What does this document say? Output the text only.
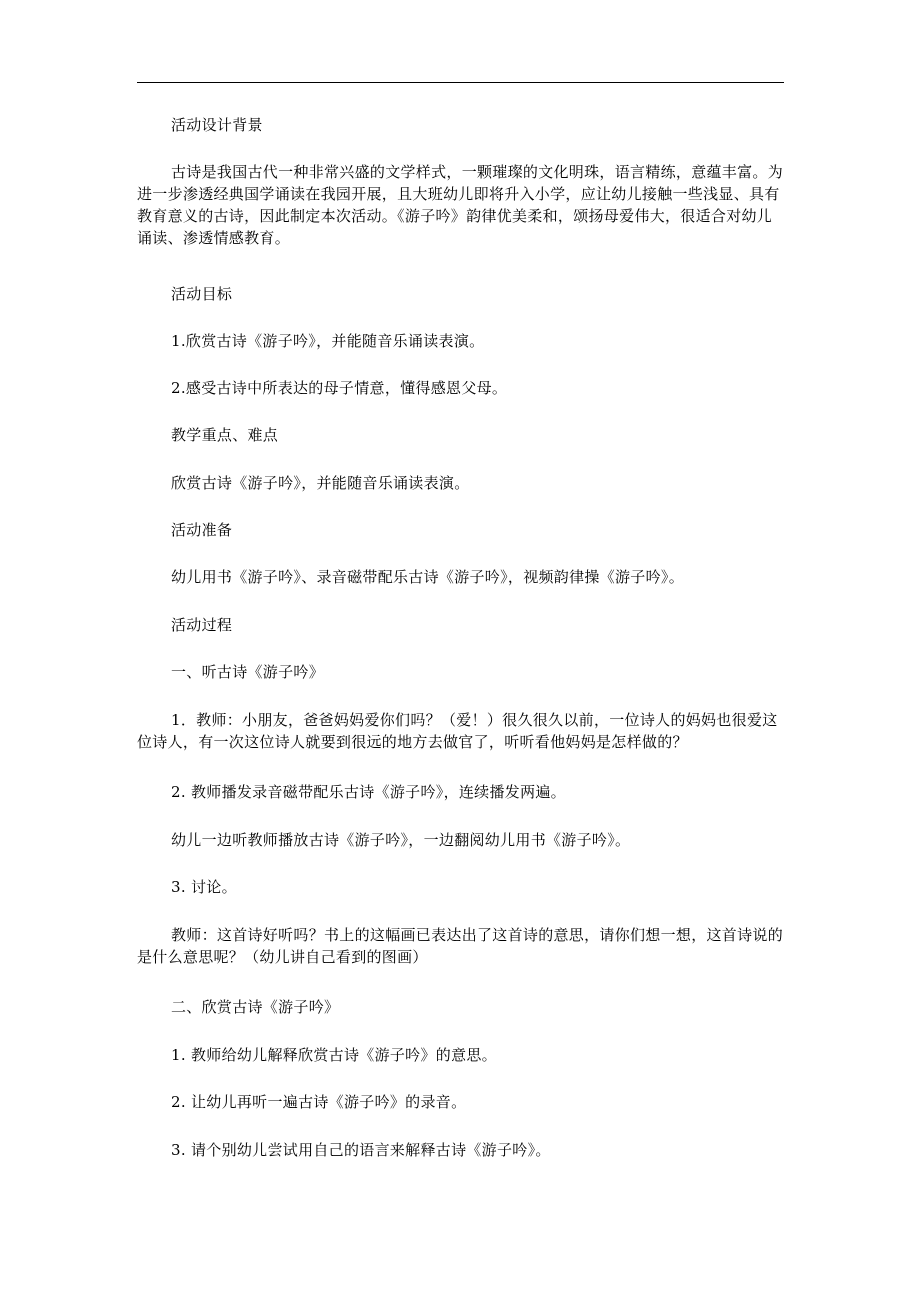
活动设计背景

古诗是我国古代一种非常兴盛的文学样式，一颗璀璨的文化明珠，语言精练，意蕴丰富。为进一步渗透经典国学诵读在我园开展，且大班幼儿即将升入小学，应让幼儿接触一些浅显、具有教育意义的古诗，因此制定本次活动。《游子吟》韵律优美柔和，颂扬母爱伟大，很适合对幼儿诵读、渗透情感教育。

活动目标

1.欣赏古诗《游子吟》，并能随音乐诵读表演。

2.感受古诗中所表达的母子情意，懂得感恩父母。

教学重点、难点

欣赏古诗《游子吟》，并能随音乐诵读表演。

活动准备

幼儿用书《游子吟》、录音磁带配乐古诗《游子吟》，视频韵律操《游子吟》。

活动过程

一、听古诗《游子吟》

1．教师：小朋友，爸爸妈妈爱你们吗？（爱！）很久很久以前，一位诗人的妈妈也很爱这位诗人，有一次这位诗人就要到很远的地方去做官了，听听看他妈妈是怎样做的？

2. 教师播发录音磁带配乐古诗《游子吟》，连续播发两遍。

幼儿一边听教师播放古诗《游子吟》，一边翻阅幼儿用书《游子吟》。

3. 讨论。

教师：这首诗好听吗？书上的这幅画已表达出了这首诗的意思，请你们想一想，这首诗说的是什么意思呢？（幼儿讲自己看到的图画）

二、欣赏古诗《游子吟》

1. 教师给幼儿解释欣赏古诗《游子吟》的意思。

2. 让幼儿再听一遍古诗《游子吟》的录音。

3. 请个别幼儿尝试用自己的语言来解释古诗《游子吟》。
